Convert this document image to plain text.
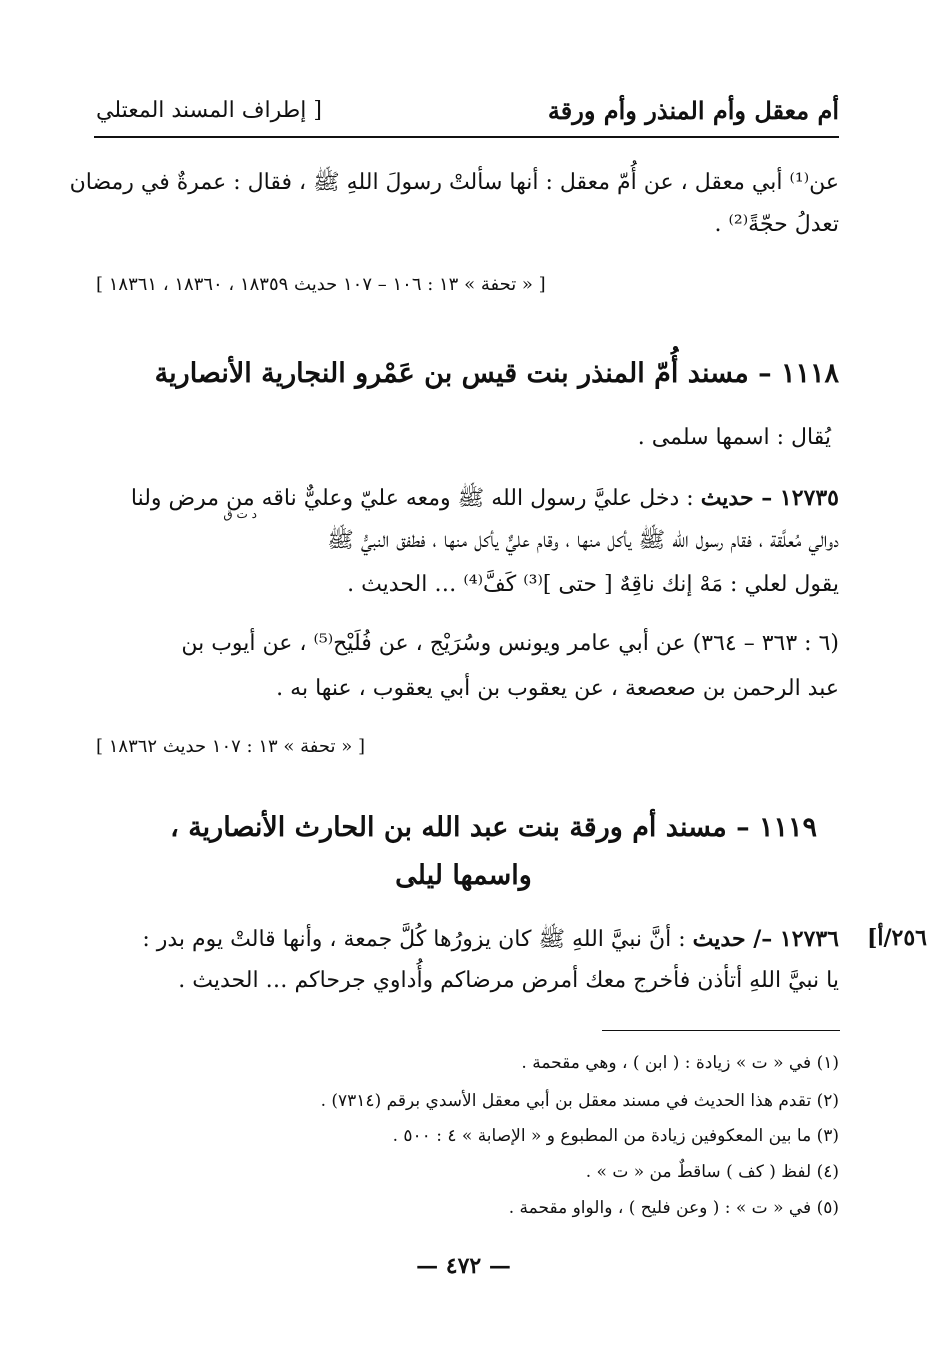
أم معقل وأم المنذر وأم ورقة
[ إطراف المسند المعتلي
عن⁽¹⁾ أبي معقل ، عن أُمّ معقل : أنها سألتْ رسولَ اللهِ ﷺ ، فقال : عمرةٌ في رمضان
تعدلُ حجّةً⁽²⁾ .
[ « تحفة » ١٣ : ١٠٦ – ١٠٧ حديث ١٨٣٥٩ ، ١٨٣٦٠ ، ١٨٣٦١ ]
١١١٨ – مسند أُمّ المنذر بنت قيس بن عَمْرو النجارية الأنصارية
يُقال : اسمها سلمى .
١٢٧٣٥ – حديث : دخل عليَّ رسول الله ﷺ ومعه عليّ وعليٌّ ناقه من مرض ولنا
د ت ق
دوالي مُعلَّقة ، فقام رسول الله ﷺ يأكل منها ، وقام عليٌّ يأكل منها ، فطفق النبيُّ ﷺ
يقول لعلي : مَهْ إنك ناقِهٌ [ حتى ]⁽³⁾ كَفَّ⁽⁴⁾ … الحديث .
(٦ : ٣٦٣ – ٣٦٤) عن أبي عامر ويونس وسُرَيْج ، عن فُلَيْح⁽⁵⁾ ، عن أيوب بن
عبد الرحمن بن صعصعة ، عن يعقوب بن أبي يعقوب ، عنها به .
[ « تحفة » ١٣ : ١٠٧ حديث ١٨٣٦٢ ]
١١١٩ – مسند أم ورقة بنت عبد الله بن الحارث الأنصارية ،
واسمها ليلى
٢٥٦/أ]
١٢٧٣٦ –/ حديث : أنَّ نبيَّ اللهِ ﷺ كان يزورُها كُلَّ جمعة ، وأنها قالتْ يوم بدر :
يا نبيَّ اللهِ أتأذن فأخرج معك أمرض مرضاكم وأُداوي جرحاكم … الحديث .
(١) في « ت » زيادة : ( ابن ) ، وهي مقحمة .
(٢) تقدم هذا الحديث في مسند معقل بن أبي معقل الأسدي برقم (٧٣١٤) .
(٣) ما بين المعكوفين زيادة من المطبوع و « الإصابة » ٤ : ٥٠٠ .
(٤) لفظ ( كف ) ساقطٌ من « ت » .
(٥) في « ت » : ( وعن فليح ) ، والواو مقحمة .
— ٤٧٢ —
